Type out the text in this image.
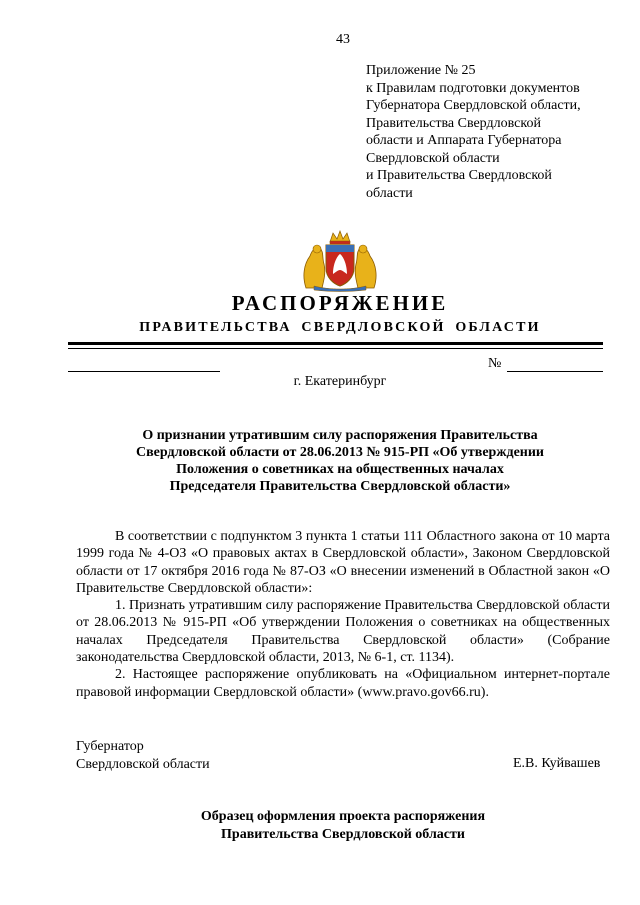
43
Приложение № 25
к Правилам подготовки документов
Губернатора Свердловской области,
Правительства Свердловской
области и Аппарата Губернатора
Свердловской области
и Правительства Свердловской
области
РАСПОРЯЖЕНИЕ
ПРАВИТЕЛЬСТВА СВЕРДЛОВСКОЙ ОБЛАСТИ
№
г. Екатеринбург
О признании утратившим силу распоряжения Правительства
Свердловской области от 28.06.2013 № 915-РП «Об утверждении
Положения о советниках на общественных началах
Председателя Правительства Свердловской области»

В соответствии с подпунктом 3 пункта 1 статьи 111 Областного закона от 10 марта 1999 года № 4-ОЗ «О правовых актах в Свердловской области», Законом Свердловской области от 17 октября 2016 года № 87-ОЗ «О внесении изменений в Областной закон «О Правительстве Свердловской области»:

1. Признать утратившим силу распоряжение Правительства Свердловской области от 28.06.2013 № 915-РП «Об утверждении Положения о советниках на общественных началах Председателя Правительства Свердловской области» (Собрание законодательства Свердловской области, 2013, № 6-1, ст. 1134).

2. Настоящее распоряжение опубликовать на «Официальном интернет-портале правовой информации Свердловской области» (www.pravo.gov66.ru).

Губернатор
Свердловской области	Е.В. Куйвашев
Образец оформления проекта распоряжения
Правительства Свердловской области
